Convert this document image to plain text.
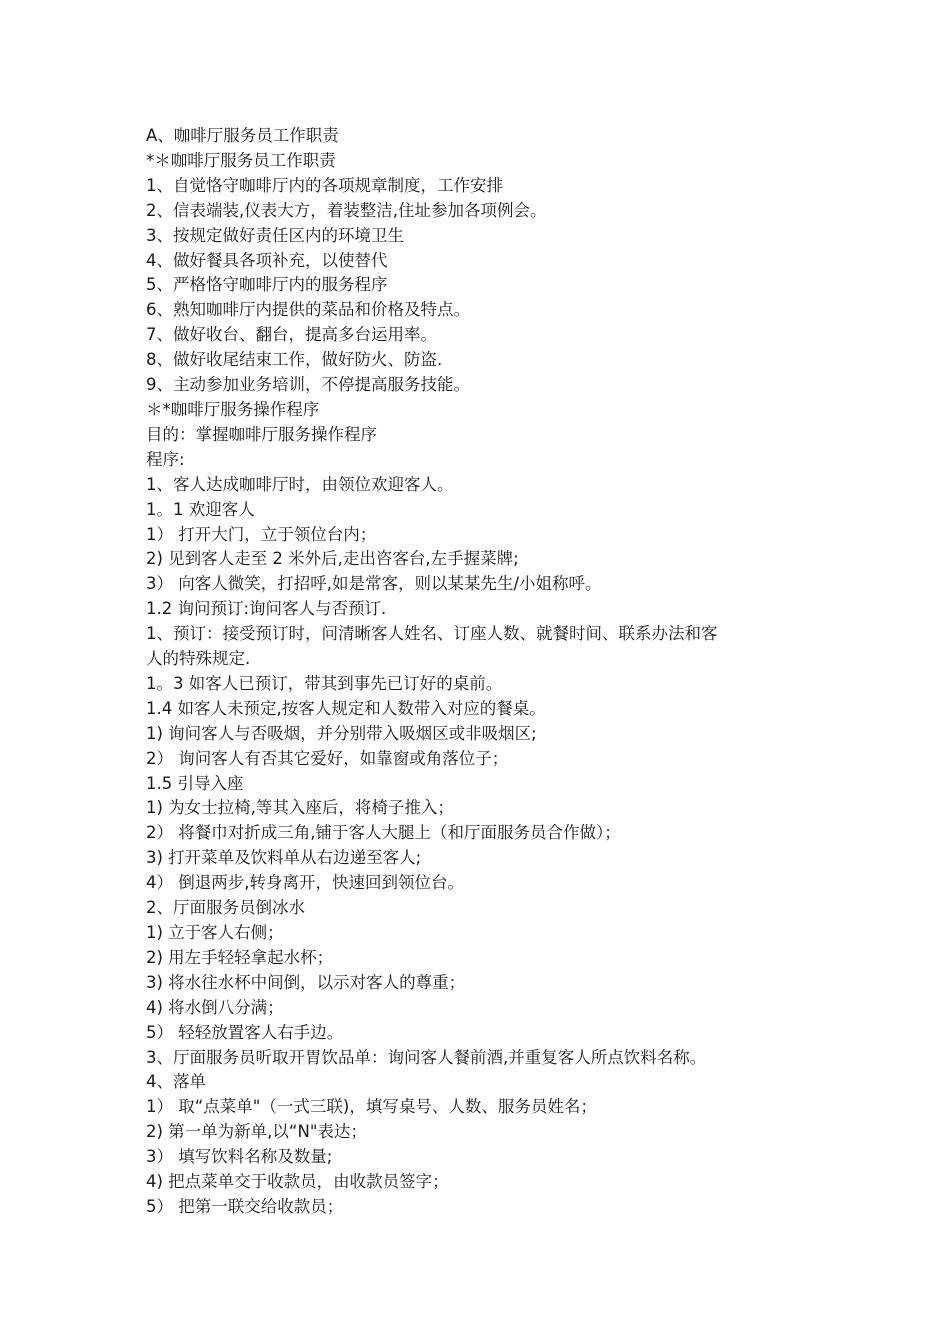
A、咖啡厅服务员工作职责

*＊咖啡厅服务员工作职责

1、自觉恪守咖啡厅内的各项规章制度，工作安排

2、信表端装,仪表大方，着装整洁,住址参加各项例会。

3、按规定做好责任区内的环境卫生

4、做好餐具各项补充，以使替代

5、严格恪守咖啡厅内的服务程序

6、熟知咖啡厅内提供的菜品和价格及特点。

7、做好收台、翻台，提高多台运用率。

8、做好收尾结束工作，做好防火、防盗.

9、主动参加业务培训，不停提高服务技能。

＊*咖啡厅服务操作程序

目的：掌握咖啡厅服务操作程序

程序:

1、客人达成咖啡厅时，由领位欢迎客人。

1。1 欢迎客人

1） 打开大门，立于领位台内；

2) 见到客人走至 2 米外后,走出咨客台,左手握菜牌;

3） 向客人微笑，打招呼,如是常客，则以某某先生/小姐称呼。

1.2 询问预订:询问客人与否预订.

1、预订：接受预订时，问清晰客人姓名、订座人数、就餐时间、联系办法和客

人的特殊规定.

1。3 如客人已预订，带其到事先已订好的桌前。

1.4 如客人未预定,按客人规定和人数带入对应的餐桌。

1) 询问客人与否吸烟，并分别带入吸烟区或非吸烟区;

2） 询问客人有否其它爱好，如靠窗或角落位子；

1.5 引导入座

1) 为女士拉椅,等其入座后，将椅子推入；

2） 将餐巾对折成三角,铺于客人大腿上（和厅面服务员合作做）；

3) 打开菜单及饮料单从右边递至客人;

4） 倒退两步,转身离开，快速回到领位台。

2、厅面服务员倒冰水

1) 立于客人右侧；

2) 用左手轻轻拿起水杯；

3) 将水往水杯中间倒，以示对客人的尊重；

4) 将水倒八分满；

5） 轻轻放置客人右手边。

3、厅面服务员听取开胃饮品单：询问客人餐前酒,并重复客人所点饮料名称。

4、落单

1） 取“点菜单"（一式三联)，填写桌号、人数、服务员姓名；

2) 第一单为新单,以“N"表达；

3） 填写饮料名称及数量;

4) 把点菜单交于收款员，由收款员签字；

5） 把第一联交给收款员；
